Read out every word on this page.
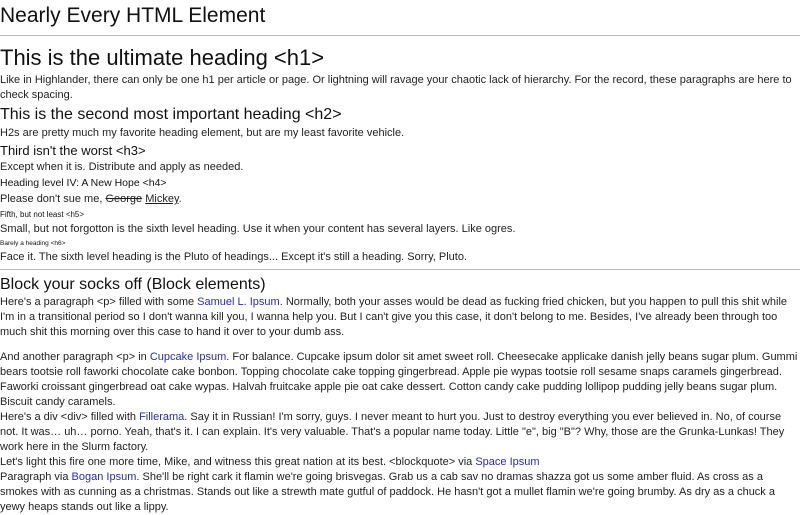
Nearly Every HTML Element
This is the ultimate heading <h1>

Like in Highlander, there can only be one h1 per article or page. Or lightning will ravage your chaotic lack of hierarchy. For the record, these paragraphs are here to check spacing.

This is the second most important heading <h2>

H2s are pretty much my favorite heading element, but are my least favorite vehicle.

Third isn't the worst <h3>

Except when it is. Distribute and apply as needed.

Heading level IV: A New Hope <h4>

Please don't sue me, George Mickey.

Fifth, but not least <h5>

Small, but not forgotton is the sixth level heading. Use it when your content has several layers. Like ogres.

Barely a heading <h6>

Face it. The sixth level heading is the Pluto of headings... Except it's still a heading. Sorry, Pluto.

Block your socks off (Block elements)

Here's a paragraph <p> filled with some Samuel L. Ipsum. Normally, both your asses would be dead as fucking fried chicken, but you happen to pull this shit while I'm in a transitional period so I don't wanna kill you, I wanna help you. But I can't give you this case, it don't belong to me. Besides, I've already been through too much shit this morning over this case to hand it over to your dumb ass.

And another paragraph <p> in Cupcake Ipsum. For balance. Cupcake ipsum dolor sit amet sweet roll. Cheesecake applicake danish jelly beans sugar plum. Gummi bears tootsie roll faworki chocolate cake bonbon. Topping chocolate cake topping gingerbread. Apple pie wypas tootsie roll sesame snaps caramels gingerbread. Faworki croissant gingerbread oat cake wypas. Halvah fruitcake apple pie oat cake dessert. Cotton candy cake pudding lollipop pudding jelly beans sugar plum. Biscuit candy caramels.

Here's a div <div> filled with Fillerama. Say it in Russian! I'm sorry, guys. I never meant to hurt you. Just to destroy everything you ever believed in. No, of course not. It was… uh… porno. Yeah, that's it. I can explain. It's very valuable. That's a popular name today. Little "e", big "B"? Why, those are the Grunka-Lunkas! They work here in the Slurm factory.
Let's light this fire one more time, Mike, and witness this great nation at its best. <blockquote> via Space Ipsum

Paragraph via Bogan Ipsum. She'll be right cark it flamin we're going brisvegas. Grab us a cab sav no dramas shazza got us some amber fluid. As cross as a smokes with as cunning as a christmas. Stands out like a strewth mate gutful of paddock. He hasn't got a mullet flamin we're going brumby. As dry as a chuck a yewy heaps stands out like a lippy.
